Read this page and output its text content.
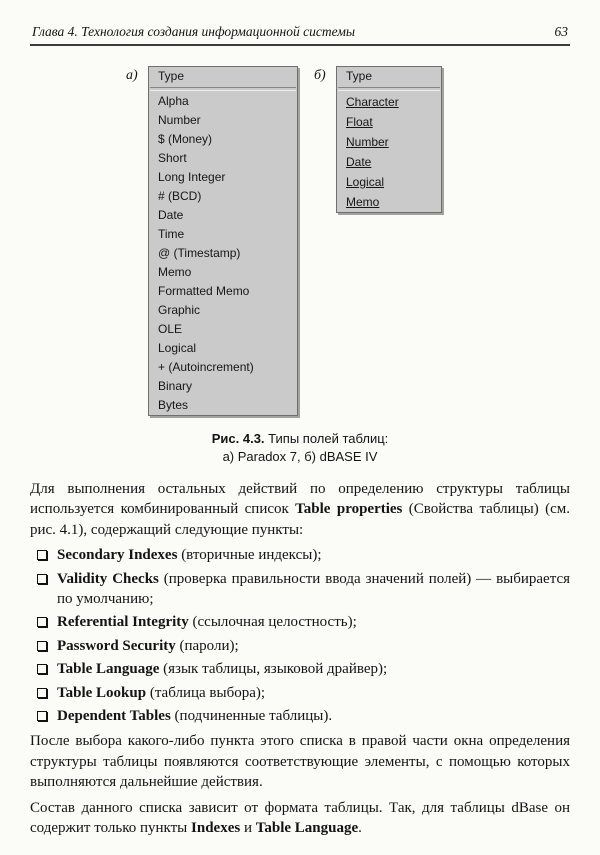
Глава 4. Технология создания информационной системы	63
а)	Type
Alpha
Number
$ (Money)
Short
Long Integer
# (BCD)
Date
Time
@ (Timestamp)
Memo
Formatted Memo
Graphic
OLE
Logical
+ (Autoincrement)
Binary
Bytes
б)	Type
Character
Float
Number
Date
Logical
Memo
Рис. 4.3. Типы полей таблиц:
а) Paradox 7, б) dBASE IV

Для выполнения остальных действий по определению структуры таблицы используется комбинированный список Table properties (Свойства таблицы) (см. рис. 4.1), содержащий следующие пункты:

Secondary Indexes (вторичные индексы);
Validity Checks (проверка правильности ввода значений полей) — выбирается по умолчанию;
Referential Integrity (ссылочная целостность);
Password Security (пароли);
Table Language (язык таблицы, языковой драйвер);
Table Lookup (таблица выбора);
Dependent Tables (подчиненные таблицы).

После выбора какого-либо пункта этого списка в правой части окна определения структуры таблицы появляются соответствующие элементы, с помощью которых выполняются дальнейшие действия.

Состав данного списка зависит от формата таблицы. Так, для таблицы dBase он содержит только пункты Indexes и Table Language.
